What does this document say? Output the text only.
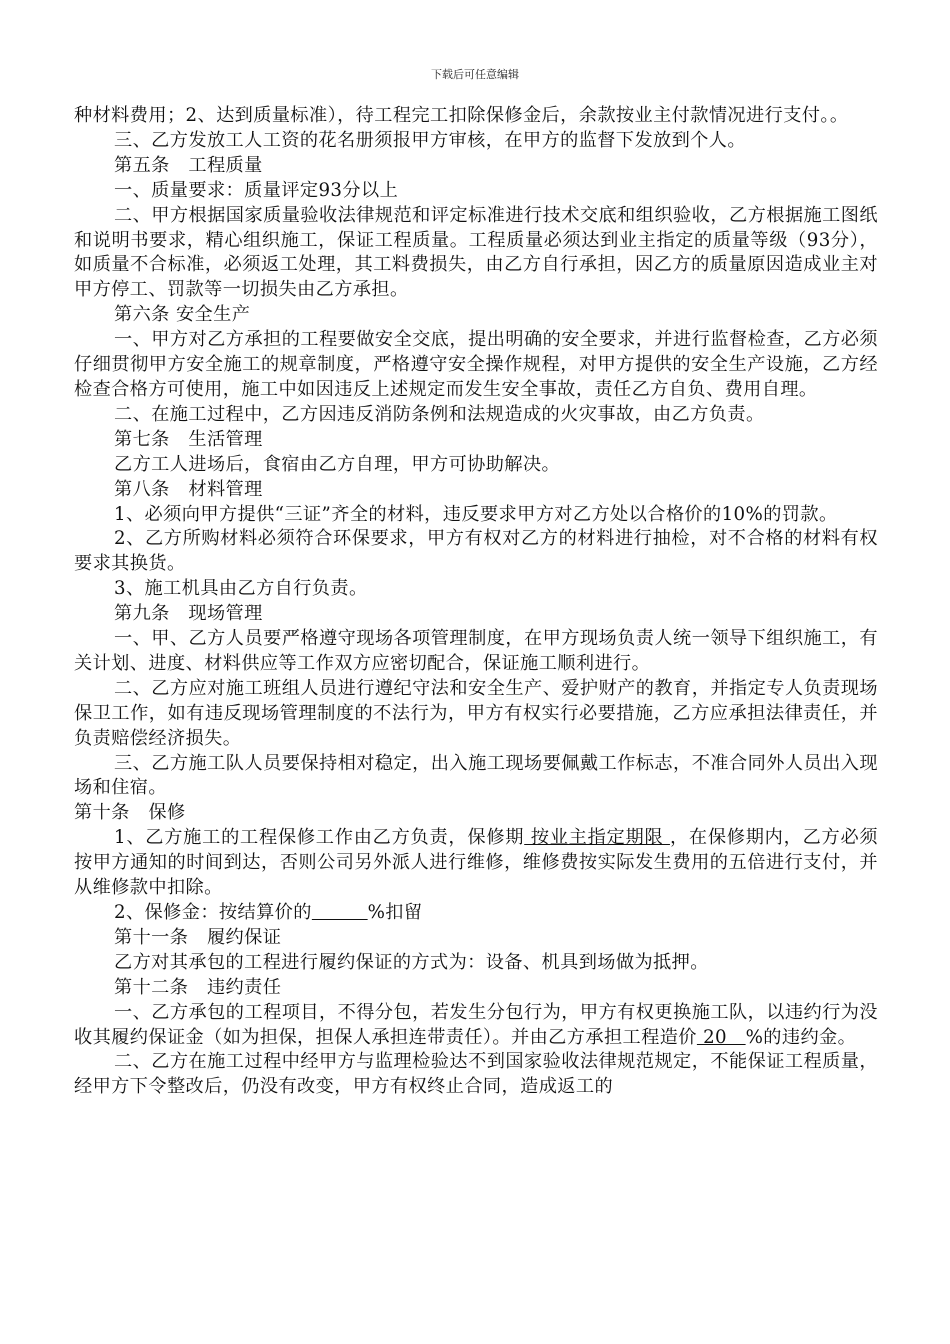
下载后可任意编辑

种材料费用；2、达到质量标准），待工程完工扣除保修金后，余款按业主付款情况进行支付。。

三、乙方发放工人工资的花名册须报甲方审核，在甲方的监督下发放到个人。

第五条　工程质量

一、质量要求：质量评定93分以上

二、甲方根据国家质量验收法律规范和评定标准进行技术交底和组织验收，乙方根据施工图纸和说明书要求，精心组织施工，保证工程质量。工程质量必须达到业主指定的质量等级（93分），如质量不合标准，必须返工处理，其工料费损失，由乙方自行承担，因乙方的质量原因造成业主对甲方停工、罚款等一切损失由乙方承担。

第六条 安全生产

一、甲方对乙方承担的工程要做安全交底，提出明确的安全要求，并进行监督检查，乙方必须仔细贯彻甲方安全施工的规章制度，严格遵守安全操作规程，对甲方提供的安全生产设施，乙方经检查合格方可使用，施工中如因违反上述规定而发生安全事故，责任乙方自负、费用自理。

二、在施工过程中，乙方因违反消防条例和法规造成的火灾事故，由乙方负责。

第七条　生活管理

乙方工人进场后，食宿由乙方自理，甲方可协助解决。

第八条　材料管理

1、必须向甲方提供“三证”齐全的材料，违反要求甲方对乙方处以合格价的10%的罚款。

2、乙方所购材料必须符合环保要求，甲方有权对乙方的材料进行抽检，对不合格的材料有权要求其换货。

3、施工机具由乙方自行负责。

第九条　现场管理

一、甲、乙方人员要严格遵守现场各项管理制度，在甲方现场负责人统一领导下组织施工，有关计划、进度、材料供应等工作双方应密切配合，保证施工顺利进行。

二、乙方应对施工班组人员进行遵纪守法和安全生产、爱护财产的教育，并指定专人负责现场保卫工作，如有违反现场管理制度的不法行为，甲方有权实行必要措施，乙方应承担法律责任，并负责赔偿经济损失。

三、乙方施工队人员要保持相对稳定，出入施工现场要佩戴工作标志，不准合同外人员出入现场和住宿。

第十条　保修

1、乙方施工的工程保修工作由乙方负责，保修期 按业主指定期限 ，在保修期内，乙方必须按甲方通知的时间到达，否则公司另外派人进行维修，维修费按实际发生费用的五倍进行支付，并从维修款中扣除。

2、保修金：按结算价的　　　	%扣留

第十一条　履约保证

乙方对其承包的工程进行履约保证的方式为：设备、机具到场做为抵押。

第十二条　违约责任

一、乙方承包的工程项目，不得分包，若发生分包行为，甲方有权更换施工队，以违约行为没收其履约保证金（如为担保，担保人承担连带责任）。并由乙方承担工程造价 20　%的违约金。

二、乙方在施工过程中经甲方与监理检验达不到国家验收法律规范规定，不能保证工程质量，经甲方下令整改后，仍没有改变，甲方有权终止合同，造成返工的
